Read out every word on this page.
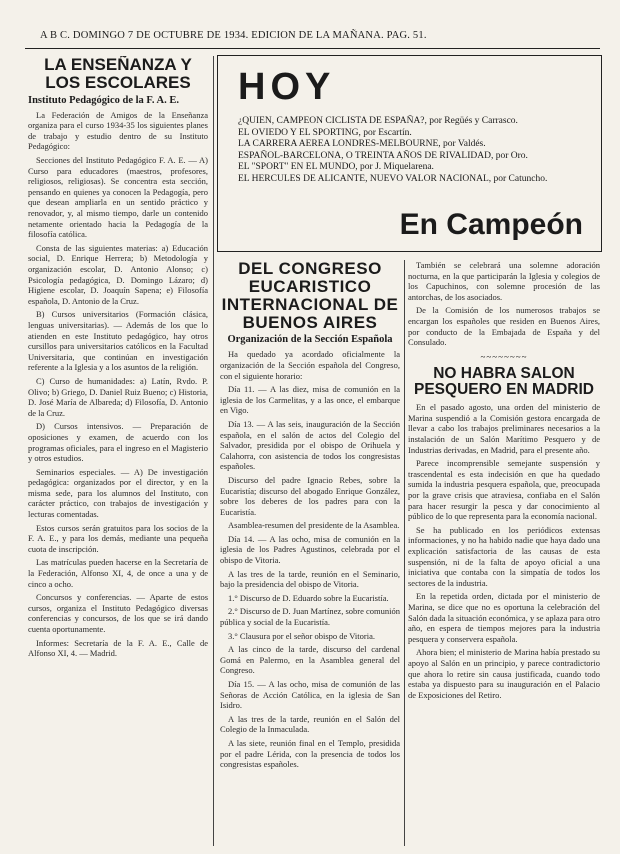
A B C. DOMINGO 7 DE OCTUBRE DE 1934. EDICION DE LA MAÑANA. PAG. 51.
LA ENSEÑANZA Y LOS ESCOLARES
Instituto Pedagógico de la F. A. E.
La Federación de Amigos de la Enseñanza organiza para el curso 1934-35 los siguientes planes de trabajo y estudio dentro de su Instituto Pedagógico:
Secciones del Instituto Pedagógico F. A. E. — A) Curso para educadores (maestros, profesores, religiosos, religiosas). Se concentra esta sección, pensando en quienes ya conocen la Pedagogía, pero que desean ampliarla en un sentido práctico y renovador, y, al mismo tiempo, darle un contenido netamente orientado hacia la Pedagogía de la filosofía católica.
Consta de las siguientes materias: a) Educación social, D. Enrique Herrera; b) Metodología y organización escolar, D. Antonio Alonso; c) Psicología pedagógica, D. Domingo Lázaro; d) Higiene escolar, D. Joaquín Sapena; e) Filosofía española, D. Antonio de la Cruz.
B) Cursos universitarios (Formación clásica, lenguas universitarias). — Además de los que lo atienden en este Instituto pedagógico, hay otros cursillos para universitarios católicos en la Facultad Universitaria, que continúan en investigación referente a la Iglesia y a los asuntos de la religión.
C) Curso de humanidades: a) Latín, Rvdo. P. Olivo; b) Griego, D. Daniel Ruiz Bueno; c) Historia, D. José María de Albareda; d) Filosofía, D. Antonio de la Cruz.
D) Cursos intensivos. — Preparación de oposiciones y examen, de acuerdo con los programas oficiales, para el ingreso en el Magisterio y otros estudios.
Seminarios especiales. — A) De investigación pedagógica: organizados por el director, y en la misma sede, para los alumnos del Instituto, con carácter práctico, con trabajos de investigación y lecturas comentadas.
Estos cursos serán gratuitos para los socios de la F. A. E., y para los demás, mediante una pequeña cuota de inscripción.
Las matrículas pueden hacerse en la Secretaría de la Federación, Alfonso XI, 4, de once a una y de cinco a ocho.
Concursos y conferencias. — Aparte de estos cursos, organiza el Instituto Pedagógico diversas conferencias y concursos, de los que se irá dando cuenta oportunamente.
Informes: Secretaría de la F. A. E., Calle de Alfonso XI, 4. — Madrid.
HOY
¿QUIEN, CAMPEON CICLISTA DE ESPAÑA?, por Regüés y Carrasco.
EL OVIEDO Y EL SPORTING, por Escartín.
LA CARRERA AEREA LONDRES-MELBOURNE, por Valdés.
ESPAÑOL-BARCELONA, O TREINTA AÑOS DE RIVALIDAD, por Oro.
EL "SPORT" EN EL MUNDO, por J. Miquelarena.
EL HERCULES DE ALICANTE, NUEVO VALOR NACIONAL, por Catuncho.
En Campeón
DEL CONGRESO EUCARISTICO INTERNACIONAL DE BUENOS AIRES
Organización de la Sección Española
Ha quedado ya acordado oficialmente la organización de la Sección española del Congreso, con el siguiente horario:
Día 11. — A las diez, misa de comunión en la iglesia de los Carmelitas, y a las once, el embarque en Vigo.
Día 13. — A las seis, inauguración de la Sección española, en el salón de actos del Colegio del Salvador, presidida por el obispo de Orihuela y Calahorra, con asistencia de todos los congresistas españoles.
Discurso del padre Ignacio Rebes, sobre la Eucaristía; discurso del abogado Enrique González, sobre los deberes de los padres para con la Eucaristía.
Asamblea-resumen del presidente de la Asamblea.
Día 14. — A las ocho, misa de comunión en la iglesia de los Padres Agustinos, celebrada por el obispo de Vitoria.
A las tres de la tarde, reunión en el Seminario, bajo la presidencia del obispo de Vitoria.
1.° Discurso de D. Eduardo sobre la Eucaristía.
2.° Discurso de D. Juan Martínez, sobre comunión pública y social de la Eucaristía.
3.° Clausura por el señor obispo de Vitoria.
A las cinco de la tarde, discurso del cardenal Gomá en Palermo, en la Asamblea general del Congreso.
Día 15. — A las ocho, misa de comunión de las Señoras de Acción Católica, en la iglesia de San Isidro.
A las tres de la tarde, reunión en el Salón del Colegio de la Inmaculada.
A las siete, reunión final en el Templo, presidida por el padre Lérida, con la presencia de todos los congresistas españoles.
También se celebrará una solemne adoración nocturna, en la que participarán la Iglesia y colegios de los Capuchinos, con solemne procesión de las antorchas, de los asociados.
De la Comisión de los numerosos trabajos se encargan los españoles que residen en Buenos Aires, por conducto de la Embajada de España y del Consulado.
~~~~~~~~
NO HABRA SALON PESQUERO EN MADRID
En el pasado agosto, una orden del ministerio de Marina suspendió a la Comisión gestora encargada de llevar a cabo los trabajos preliminares necesarios a la instalación de un Salón Marítimo Pesquero y de Industrias derivadas, en Madrid, para el presente año.
Parece incomprensible semejante suspensión y trascendental es esta indecisión en que ha quedado sumida la industria pesquera española, que, preocupada por la grave crisis que atraviesa, confiaba en el Salón para hacer resurgir la pesca y dar conocimiento al público de lo que representa para la economía nacional.
Se ha publicado en los periódicos extensas informaciones, y no ha habido nadie que haya dado una explicación satisfactoria de las causas de esta suspensión, ni de la falta de apoyo oficial a una iniciativa que contaba con la simpatía de todos los sectores de la industria.
En la repetida orden, dictada por el ministerio de Marina, se dice que no es oportuna la celebración del Salón dada la situación económica, y se aplaza para otro año, en espera de tiempos mejores para la industria pesquera y conservera española.
Ahora bien; el ministerio de Marina había prestado su apoyo al Salón en un principio, y parece contradictorio que ahora lo retire sin causa justificada, cuando todo estaba ya dispuesto para su inauguración en el Palacio de Exposiciones del Retiro.
